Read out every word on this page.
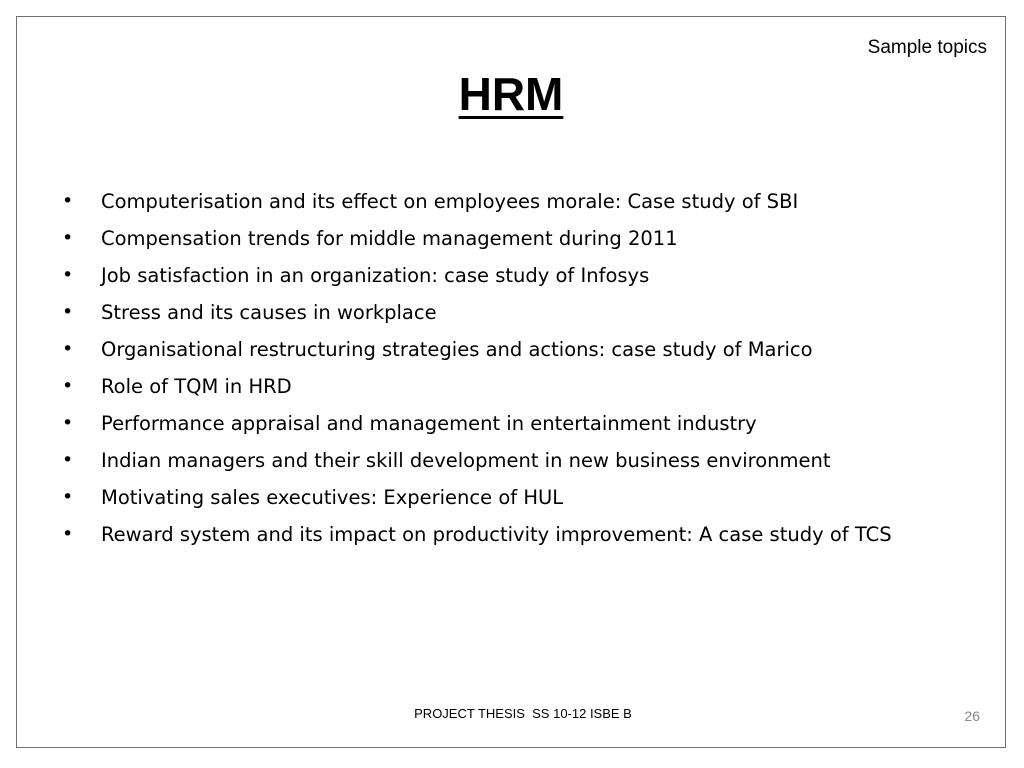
Sample topics
HRM
• Computerisation and its effect on employees morale: Case study of SBI
• Compensation trends for middle management during 2011
• Job satisfaction in an organization: case study of Infosys
• Stress and its causes in workplace
• Organisational restructuring strategies and actions: case study of Marico
• Role of TQM in HRD
• Performance appraisal and management in entertainment industry
• Indian managers and their skill development in new business environment
• Motivating sales executives: Experience of HUL
• Reward system and its impact on productivity improvement: A case study of TCS
PROJECT THESIS  SS 10-12 ISBE B	26
